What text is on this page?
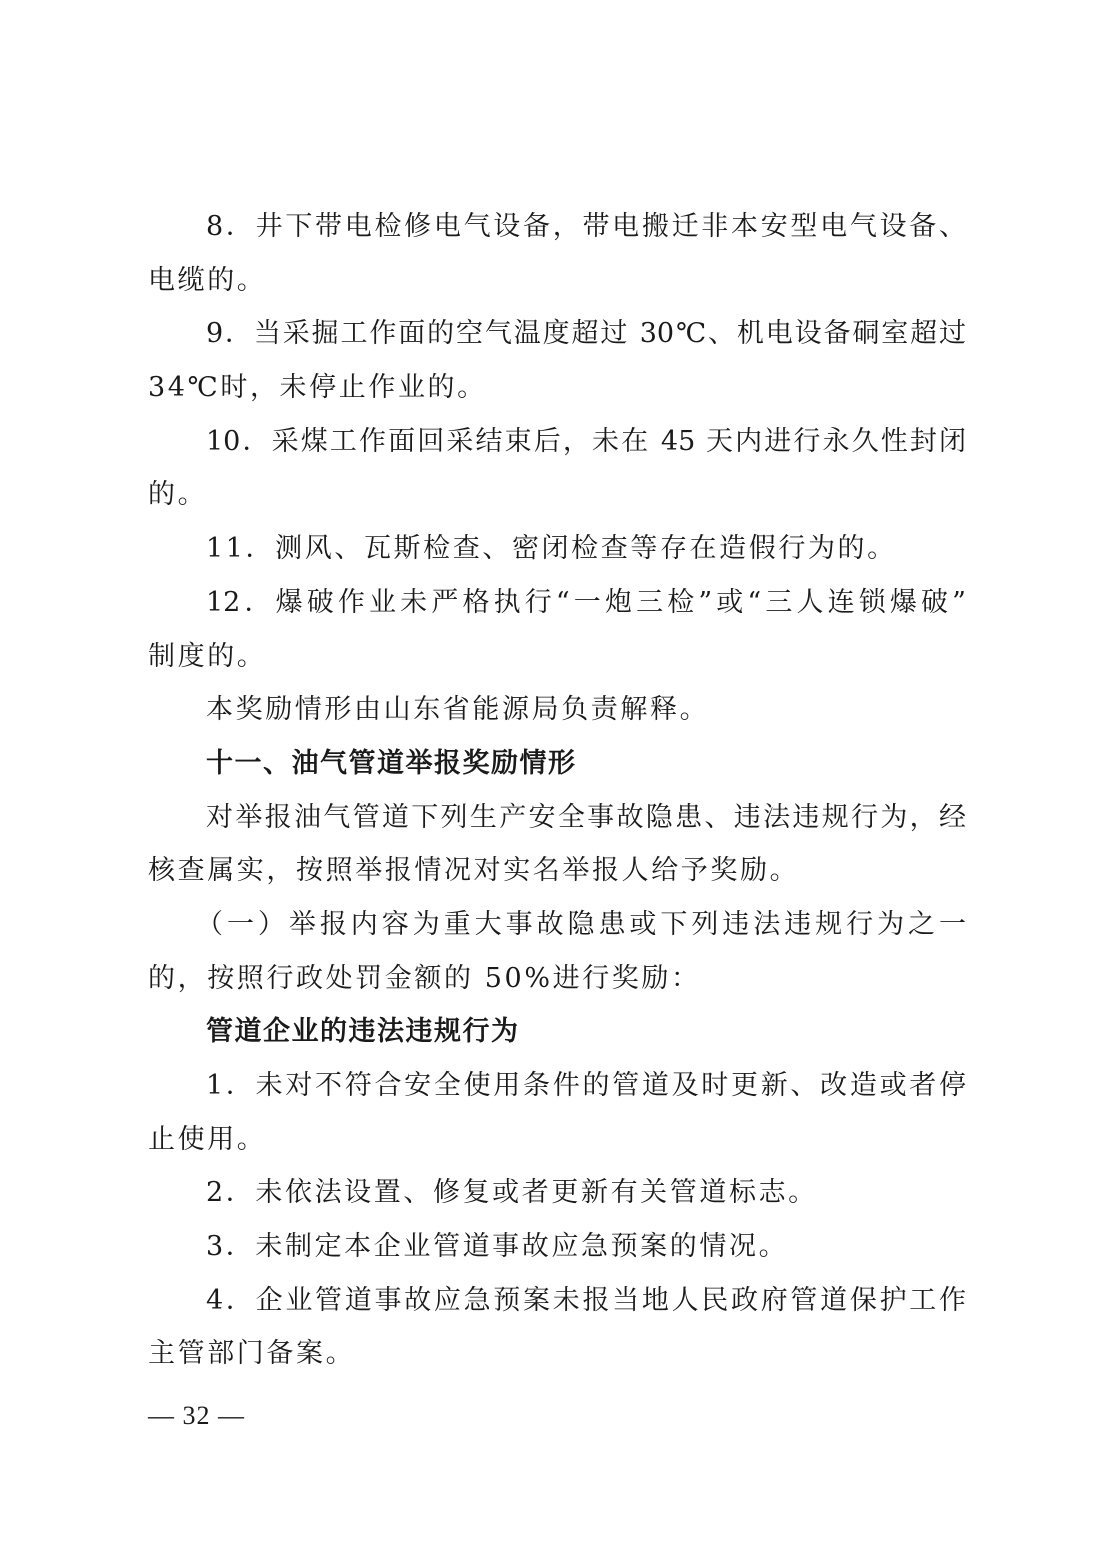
8．井下带电检修电气设备，带电搬迁非本安型电气设备、
电缆的。
9．当采掘工作面的空气温度超过 30℃、机电设备硐室超过
34℃时，未停止作业的。
10．采煤工作面回采结束后，未在 45 天内进行永久性封闭
的。
11．测风、瓦斯检查、密闭检查等存在造假行为的。
12．爆破作业未严格执行“一炮三检”或“三人连锁爆破”
制度的。
本奖励情形由山东省能源局负责解释。
十一、油气管道举报奖励情形
对举报油气管道下列生产安全事故隐患、违法违规行为，经
核查属实，按照举报情况对实名举报人给予奖励。
（一）举报内容为重大事故隐患或下列违法违规行为之一
的，按照行政处罚金额的 50%进行奖励：
管道企业的违法违规行为
1．未对不符合安全使用条件的管道及时更新、改造或者停
止使用。
2．未依法设置、修复或者更新有关管道标志。
3．未制定本企业管道事故应急预案的情况。
4．企业管道事故应急预案未报当地人民政府管道保护工作
主管部门备案。
— 32 —
